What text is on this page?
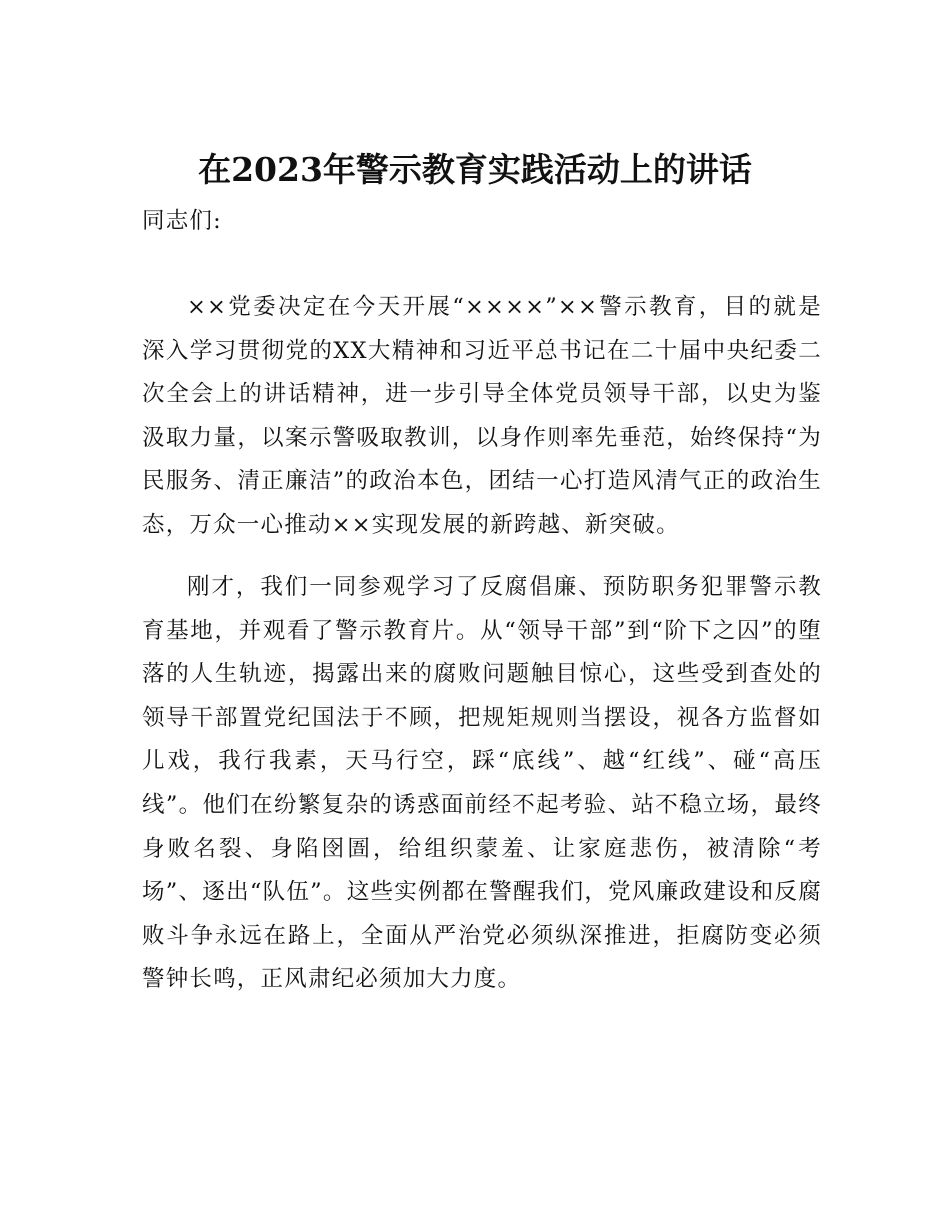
在2023年警示教育实践活动上的讲话

同志们:

××党委决定在今天开展“××××”××警示教育，目的就是深入学习贯彻党的XX大精神和习近平总书记在二十届中央纪委二次全会上的讲话精神，进一步引导全体党员领导干部，以史为鉴汲取力量，以案示警吸取教训，以身作则率先垂范，始终保持“为民服务、清正廉洁”的政治本色，团结一心打造风清气正的政治生态，万众一心推动××实现发展的新跨越、新突破。

刚才，我们一同参观学习了反腐倡廉、预防职务犯罪警示教育基地，并观看了警示教育片。从“领导干部”到“阶下之囚”的堕落的人生轨迹，揭露出来的腐败问题触目惊心，这些受到查处的领导干部置党纪国法于不顾，把规矩规则当摆设，视各方监督如儿戏，我行我素，天马行空，踩“底线”、越“红线”、碰“高压线”。他们在纷繁复杂的诱惑面前经不起考验、站不稳立场，最终身败名裂、身陷囹圄，给组织蒙羞、让家庭悲伤，被清除“考场”、逐出“队伍”。这些实例都在警醒我们，党风廉政建设和反腐败斗争永远在路上，全面从严治党必须纵深推进，拒腐防变必须警钟长鸣，正风肃纪必须加大力度。
